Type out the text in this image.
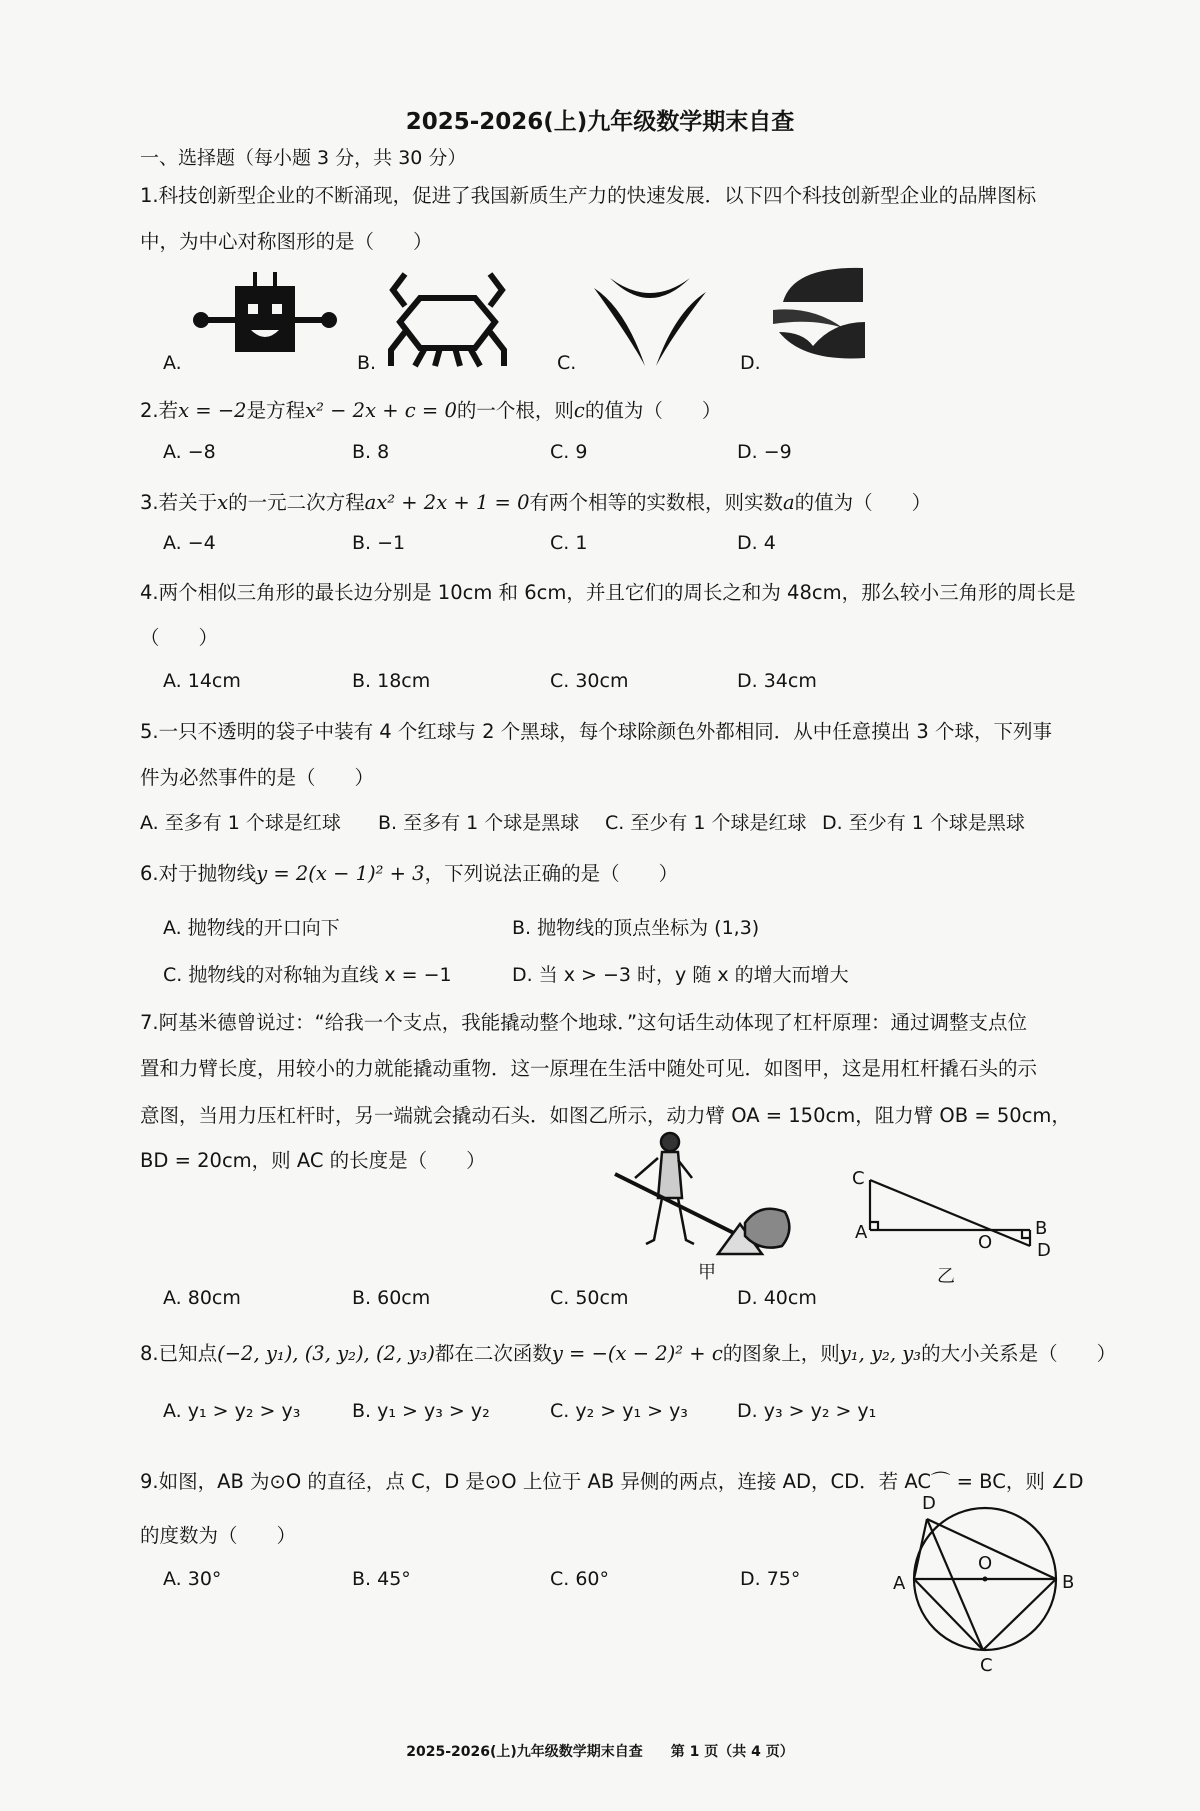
2025-2026(上)九年级数学期末自查
一、选择题（每小题 3 分，共 30 分）
1.科技创新型企业的不断涌现，促进了我国新质生产力的快速发展．以下四个科技创新型企业的品牌图标
中，为中心对称图形的是（　　）
A.	B.	C.	D.
2.若x = −2是方程x² − 2x + c = 0的一个根，则c的值为（　　）
A. −8	B. 8	C. 9	D. −9
3.若关于x的一元二次方程ax² + 2x + 1 = 0有两个相等的实数根，则实数a的值为（　　）
A. −4	B. −1	C. 1	D. 4
4.两个相似三角形的最长边分别是 10cm 和 6cm，并且它们的周长之和为 48cm，那么较小三角形的周长是
（　　）
A. 14cm	B. 18cm	C. 30cm	D. 34cm
5.一只不透明的袋子中装有 4 个红球与 2 个黑球，每个球除颜色外都相同．从中任意摸出 3 个球，下列事
件为必然事件的是（　　）
A. 至多有 1 个球是红球 B. 至多有 1 个球是黑球 C. 至少有 1 个球是红球 D. 至少有 1 个球是黑球
6.对于抛物线y = 2(x − 1)² + 3，下列说法正确的是（　　）
A. 抛物线的开口向下	B. 抛物线的顶点坐标为 (1,3)
C. 抛物线的对称轴为直线 x = −1	D. 当 x > −3 时，y 随 x 的增大而增大
7.阿基米德曾说过：“给我一个支点，我能撬动整个地球．”这句话生动体现了杠杆原理：通过调整支点位
置和力臂长度，用较小的力就能撬动重物．这一原理在生活中随处可见．如图甲，这是用杠杆撬石头的示
意图，当用力压杠杆时，另一端就会撬动石头．如图乙所示，动力臂 OA = 150cm，阻力臂 OB = 50cm，
BD = 20cm，则 AC 的长度是（　　）
甲
C
A	O
B
D
乙
A. 80cm	B. 60cm	C. 50cm	D. 40cm
8.已知点(−2, y₁), (3, y₂), (2, y₃)都在二次函数y = −(x − 2)² + c的图象上，则y₁, y₂, y₃的大小关系是（　　）
A. y₁ > y₂ > y₃	B. y₁ > y₃ > y₂	C. y₂ > y₁ > y₃	D. y₃ > y₂ > y₁
9.如图，AB 为⊙O 的直径，点 C，D 是⊙O 上位于 AB 异侧的两点，连接 AD，CD．若 AC⌒ = BC，则 ∠D
的度数为（　　）
D
A
O
B
C
A. 30°	B. 45°	C. 60°	D. 75°
2025-2026(上)九年级数学期末自查　　第 1 页（共 4 页）
